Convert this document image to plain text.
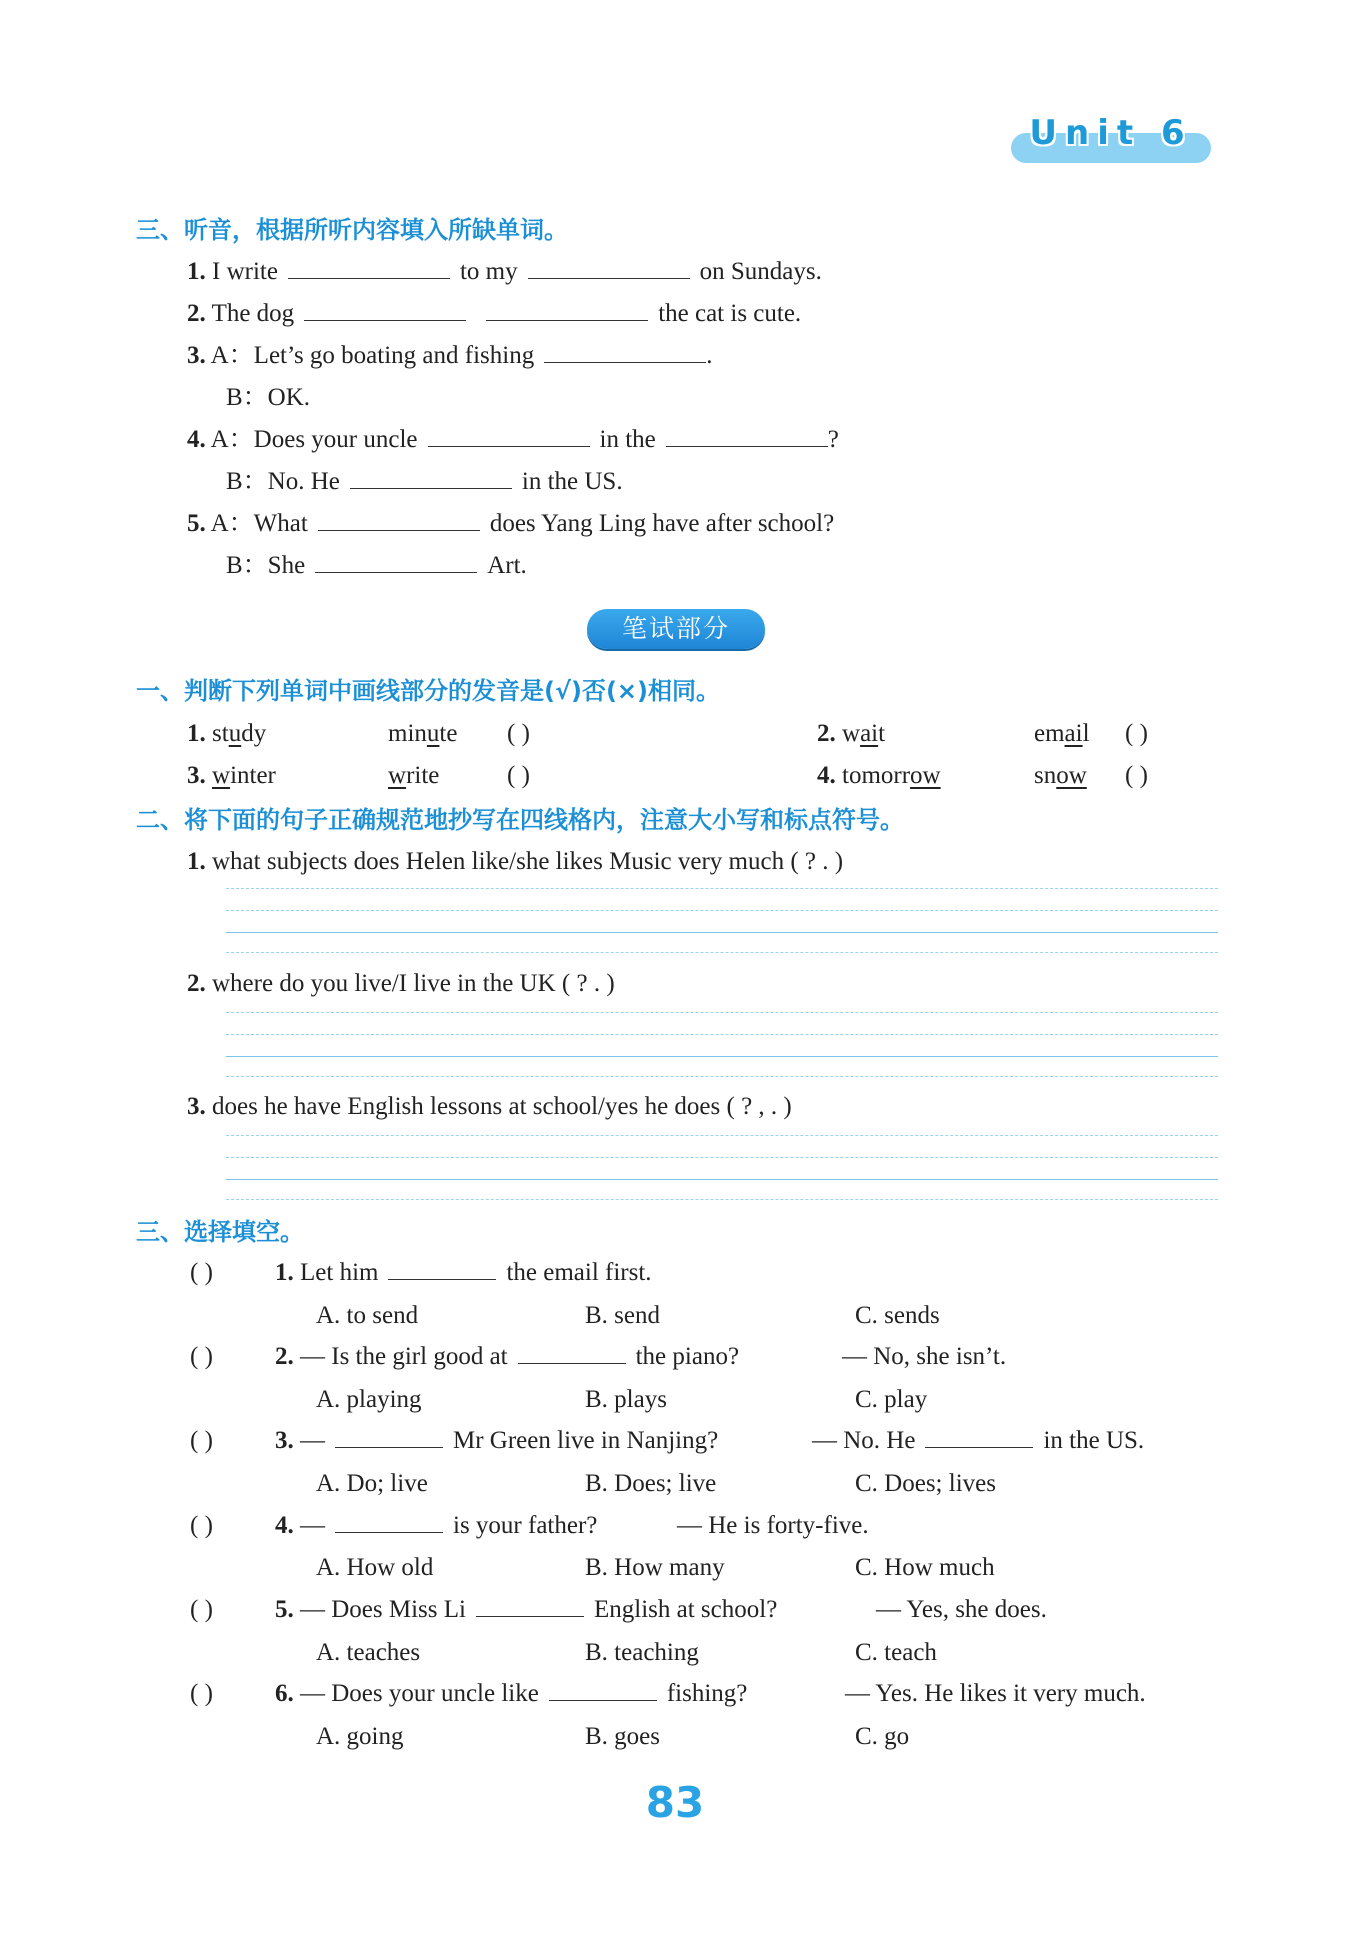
Unit 6
三、听音，根据所听内容填入所缺单词。
1. I write	to my	on Sundays.
2. The dog	the cat is cute.
3. A：Let’s go boating and fishing	.
B：OK.
4. A：Does your uncle	in the	?
B：No. He	in the US.
5. A：What	does Yang Ling have after school?
B：She	Art.
笔试部分
一、判断下列单词中画线部分的发音是(√)否(×)相同。
1. study	minute ( )	2. wait	email ( )
3. winter	write	( )	4. tomorrow	snow ( )
二、将下面的句子正确规范地抄写在四线格内，注意大小写和标点符号。
1. what subjects does Helen like/she likes Music very much ( ? . )
2. where do you live/I live in the UK ( ? . )
3. does he have English lessons at school/yes he does ( ? , . )
三、选择填空。
( ) 1. Let him	the email first.
A. to send	B. send	C. sends
( ) 2. — Is the girl good at	the piano?	— No, she isn’t.
A. playing	B. plays	C. play
( ) 3. —	Mr Green live in Nanjing?	— No. He	in the US.
A. Do; live	B. Does; live	C. Does; lives
( ) 4. —	is your father?	— He is forty-five.
A. How old	B. How many	C. How much
( ) 5. — Does Miss Li	English at school?	— Yes, she does.
A. teaches	B. teaching	C. teach
( ) 6. — Does your uncle like	fishing?	— Yes. He likes it very much.
A. going	B. goes	C. go
83
